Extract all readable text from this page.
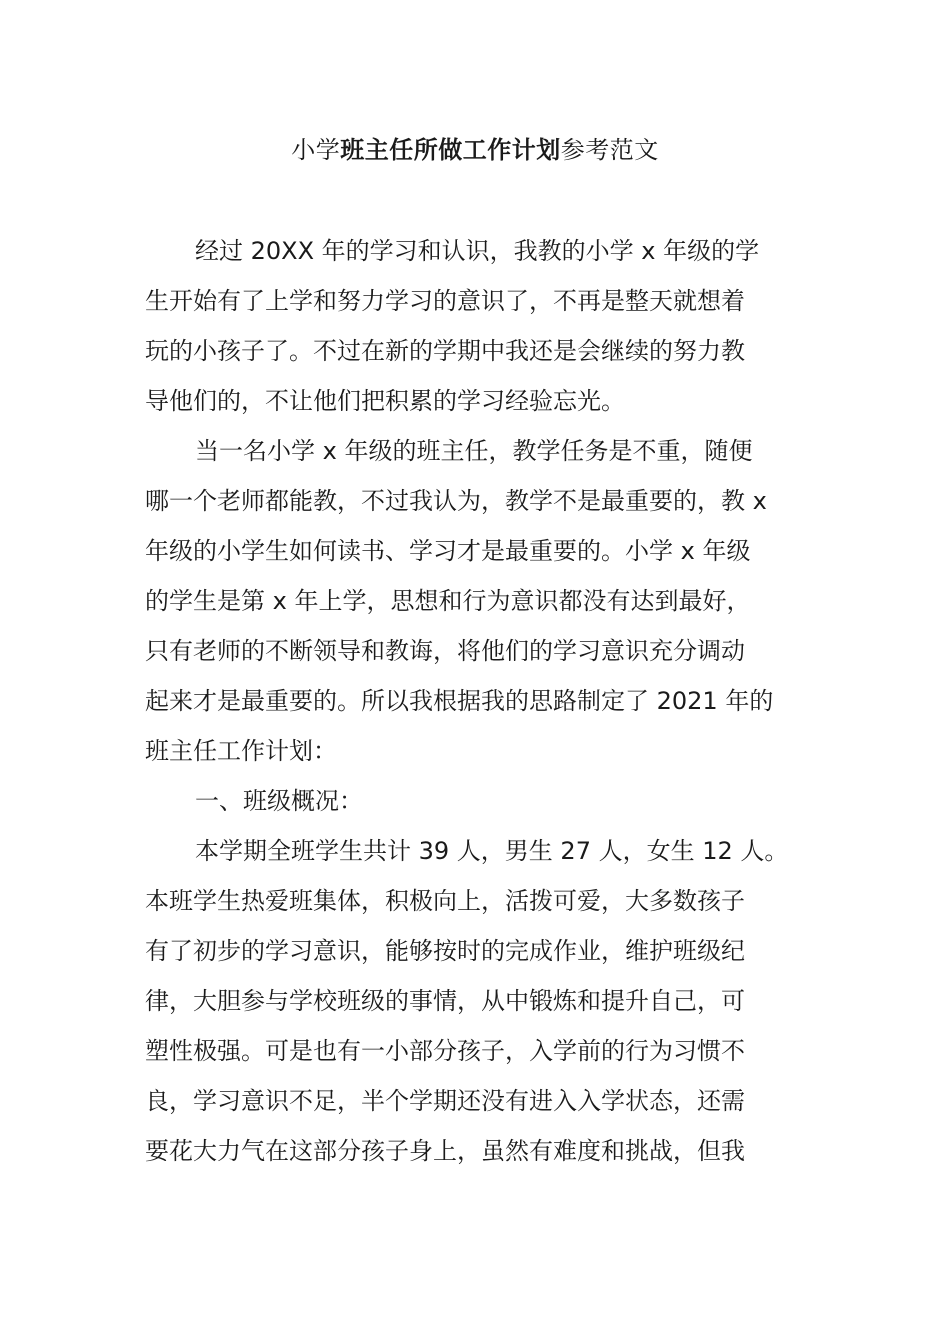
小学班主任所做工作计划参考范文
经过 20XX 年的学习和认识，我教的小学 x 年级的学
生开始有了上学和努力学习的意识了，不再是整天就想着
玩的小孩子了。不过在新的学期中我还是会继续的努力教
导他们的，不让他们把积累的学习经验忘光。
当一名小学 x 年级的班主任，教学任务是不重，随便
哪一个老师都能教，不过我认为，教学不是最重要的，教 x
年级的小学生如何读书、学习才是最重要的。小学 x 年级
的学生是第 x 年上学，思想和行为意识都没有达到最好，
只有老师的不断领导和教诲，将他们的学习意识充分调动
起来才是最重要的。所以我根据我的思路制定了 2021 年的
班主任工作计划：
一、班级概况：
本学期全班学生共计 39 人，男生 27 人，女生 12 人。
本班学生热爱班集体，积极向上，活拨可爱，大多数孩子
有了初步的学习意识，能够按时的完成作业，维护班级纪
律，大胆参与学校班级的事情，从中锻炼和提升自己，可
塑性极强。可是也有一小部分孩子，入学前的行为习惯不
良，学习意识不足，半个学期还没有进入入学状态，还需
要花大力气在这部分孩子身上，虽然有难度和挑战，但我
